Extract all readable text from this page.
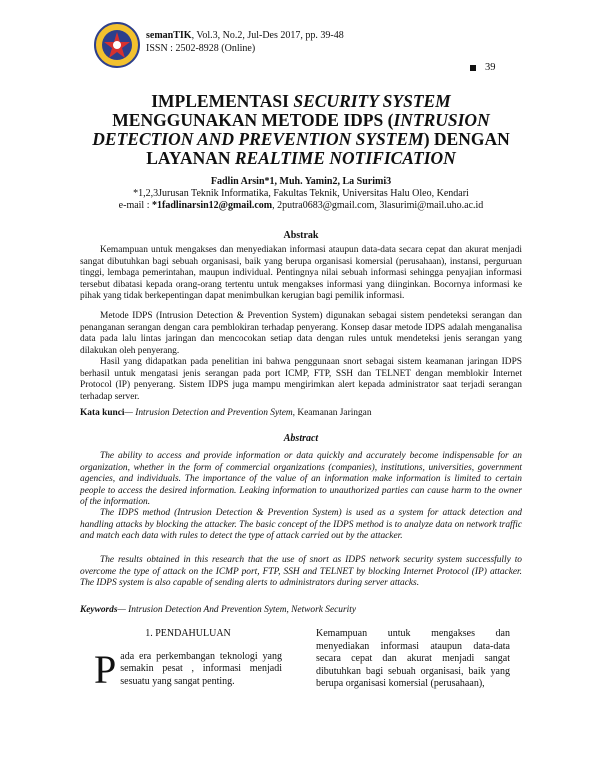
semanTIK, Vol.3, No.2, Jul-Des 2017, pp. 39-48
ISSN : 2502-8928 (Online)
39
IMPLEMENTASI SECURITY SYSTEM
MENGGUNAKAN METODE IDPS (INTRUSION DETECTION AND PREVENTION SYSTEM) DENGAN LAYANAN REALTIME NOTIFICATION
Fadlin Arsin*1, Muh. Yamin2, La Surimi3
*1,2,3Jurusan Teknik Informatika, Fakultas Teknik, Universitas Halu Oleo, Kendari
e-mail : *1fadlinarsin12@gmail.com, 2putra0683@gmail.com, 3lasurimi@mail.uho.ac.id
Abstrak
Kemampuan untuk mengakses dan menyediakan informasi ataupun data-data secara cepat dan akurat menjadi sangat dibutuhkan bagi sebuah organisasi, baik yang berupa organisasi komersial (perusahaan), instansi, perguruan tinggi, lembaga pemerintahan, maupun individual. Pentingnya nilai sebuah informasi sehingga penyajian informasi tersebut dibatasi kepada orang-orang tertentu untuk mengakses informasi yang diinginkan. Bocornya informasi ke pihak yang tidak berkepentingan dapat menimbulkan kerugian bagi pemilik informasi.
Metode IDPS (Intrusion Detection & Prevention System) digunakan sebagai sistem pendeteksi serangan dan penanganan serangan dengan cara pemblokiran terhadap penyerang. Konsep dasar metode IDPS adalah menganalisa data pada lalu lintas jaringan dan mencocokan setiap data dengan rules untuk mendeteksi jenis serangan yang dilakukan oleh penyerang.
Hasil yang didapatkan pada penelitian ini bahwa penggunaan snort sebagai sistem keamanan jaringan IDPS berhasil untuk mengatasi jenis serangan pada port ICMP, FTP, SSH dan TELNET dengan memblokir Internet Protocol (IP) penyerang. Sistem IDPS juga mampu mengirimkan alert kepada administrator saat terjadi serangan terhadap server.
Kata kunci— Intrusion Detection and Prevention Sytem, Keamanan Jaringan
Abstract
The ability to access and provide information or data quickly and accurately become indispensable for an organization, whether in the form of commercial organizations (companies), institutions, universities, government agencies, and individuals. The importance of the value of an information make information is limited to certain people to access the desired information. Leaking information to unauthorized parties can cause harm to the owner of the information.
The IDPS method (Intrusion Detection & Prevention System) is used as a system for attack detection and handling attacks by blocking the attacker. The basic concept of the IDPS method is to analyze data on network traffic and match each data with rules to detect the type of attack carried out by the attacker.
The results obtained in this research that the use of snort as IDPS network security system successfully to overcome the type of attack on the ICMP port, FTP, SSH and TELNET by blocking Internet Protocol (IP) attacker. The IDPS system is also capable of sending alerts to administrators during server attacks.
Keywords— Intrusion Detection And Prevention Sytem, Network Security
1. PENDAHULUAN
P ada era perkembangan teknologi yang semakin pesat , informasi menjadi sesuatu yang sangat penting.

Kemampuan untuk mengakses dan menyediakan informasi ataupun data-data secara cepat dan akurat menjadi sangat dibutuhkan bagi sebuah organisasi, baik yang berupa organisasi komersial (perusahaan),
